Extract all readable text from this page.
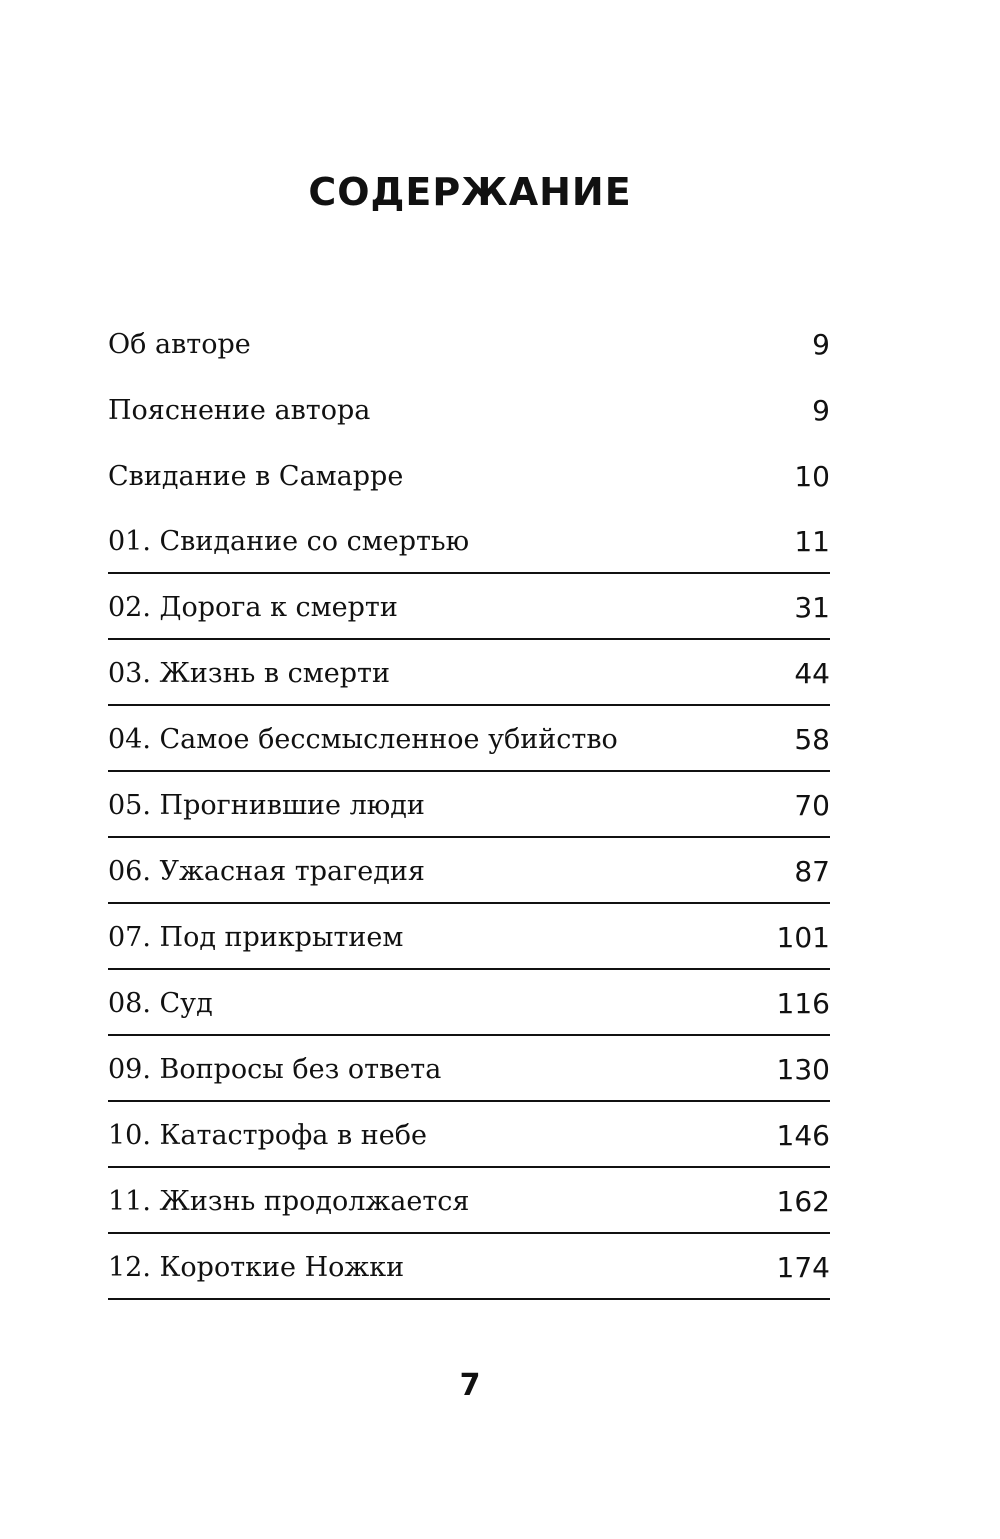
СОДЕРЖАНИЕ
Об авторе	9
Пояснение автора	9
Свидание в Самарре	10
01. Свидание со смертью	11
02. Дорога к смерти	31
03. Жизнь в смерти	44
04. Самое бессмысленное убийство	58
05. Прогнившие люди	70
06. Ужасная трагедия	87
07. Под прикрытием	101
08. Суд	116
09. Вопросы без ответа	130
10. Катастрофа в небе	146
11. Жизнь продолжается	162
12. Короткие Ножки	174
7
